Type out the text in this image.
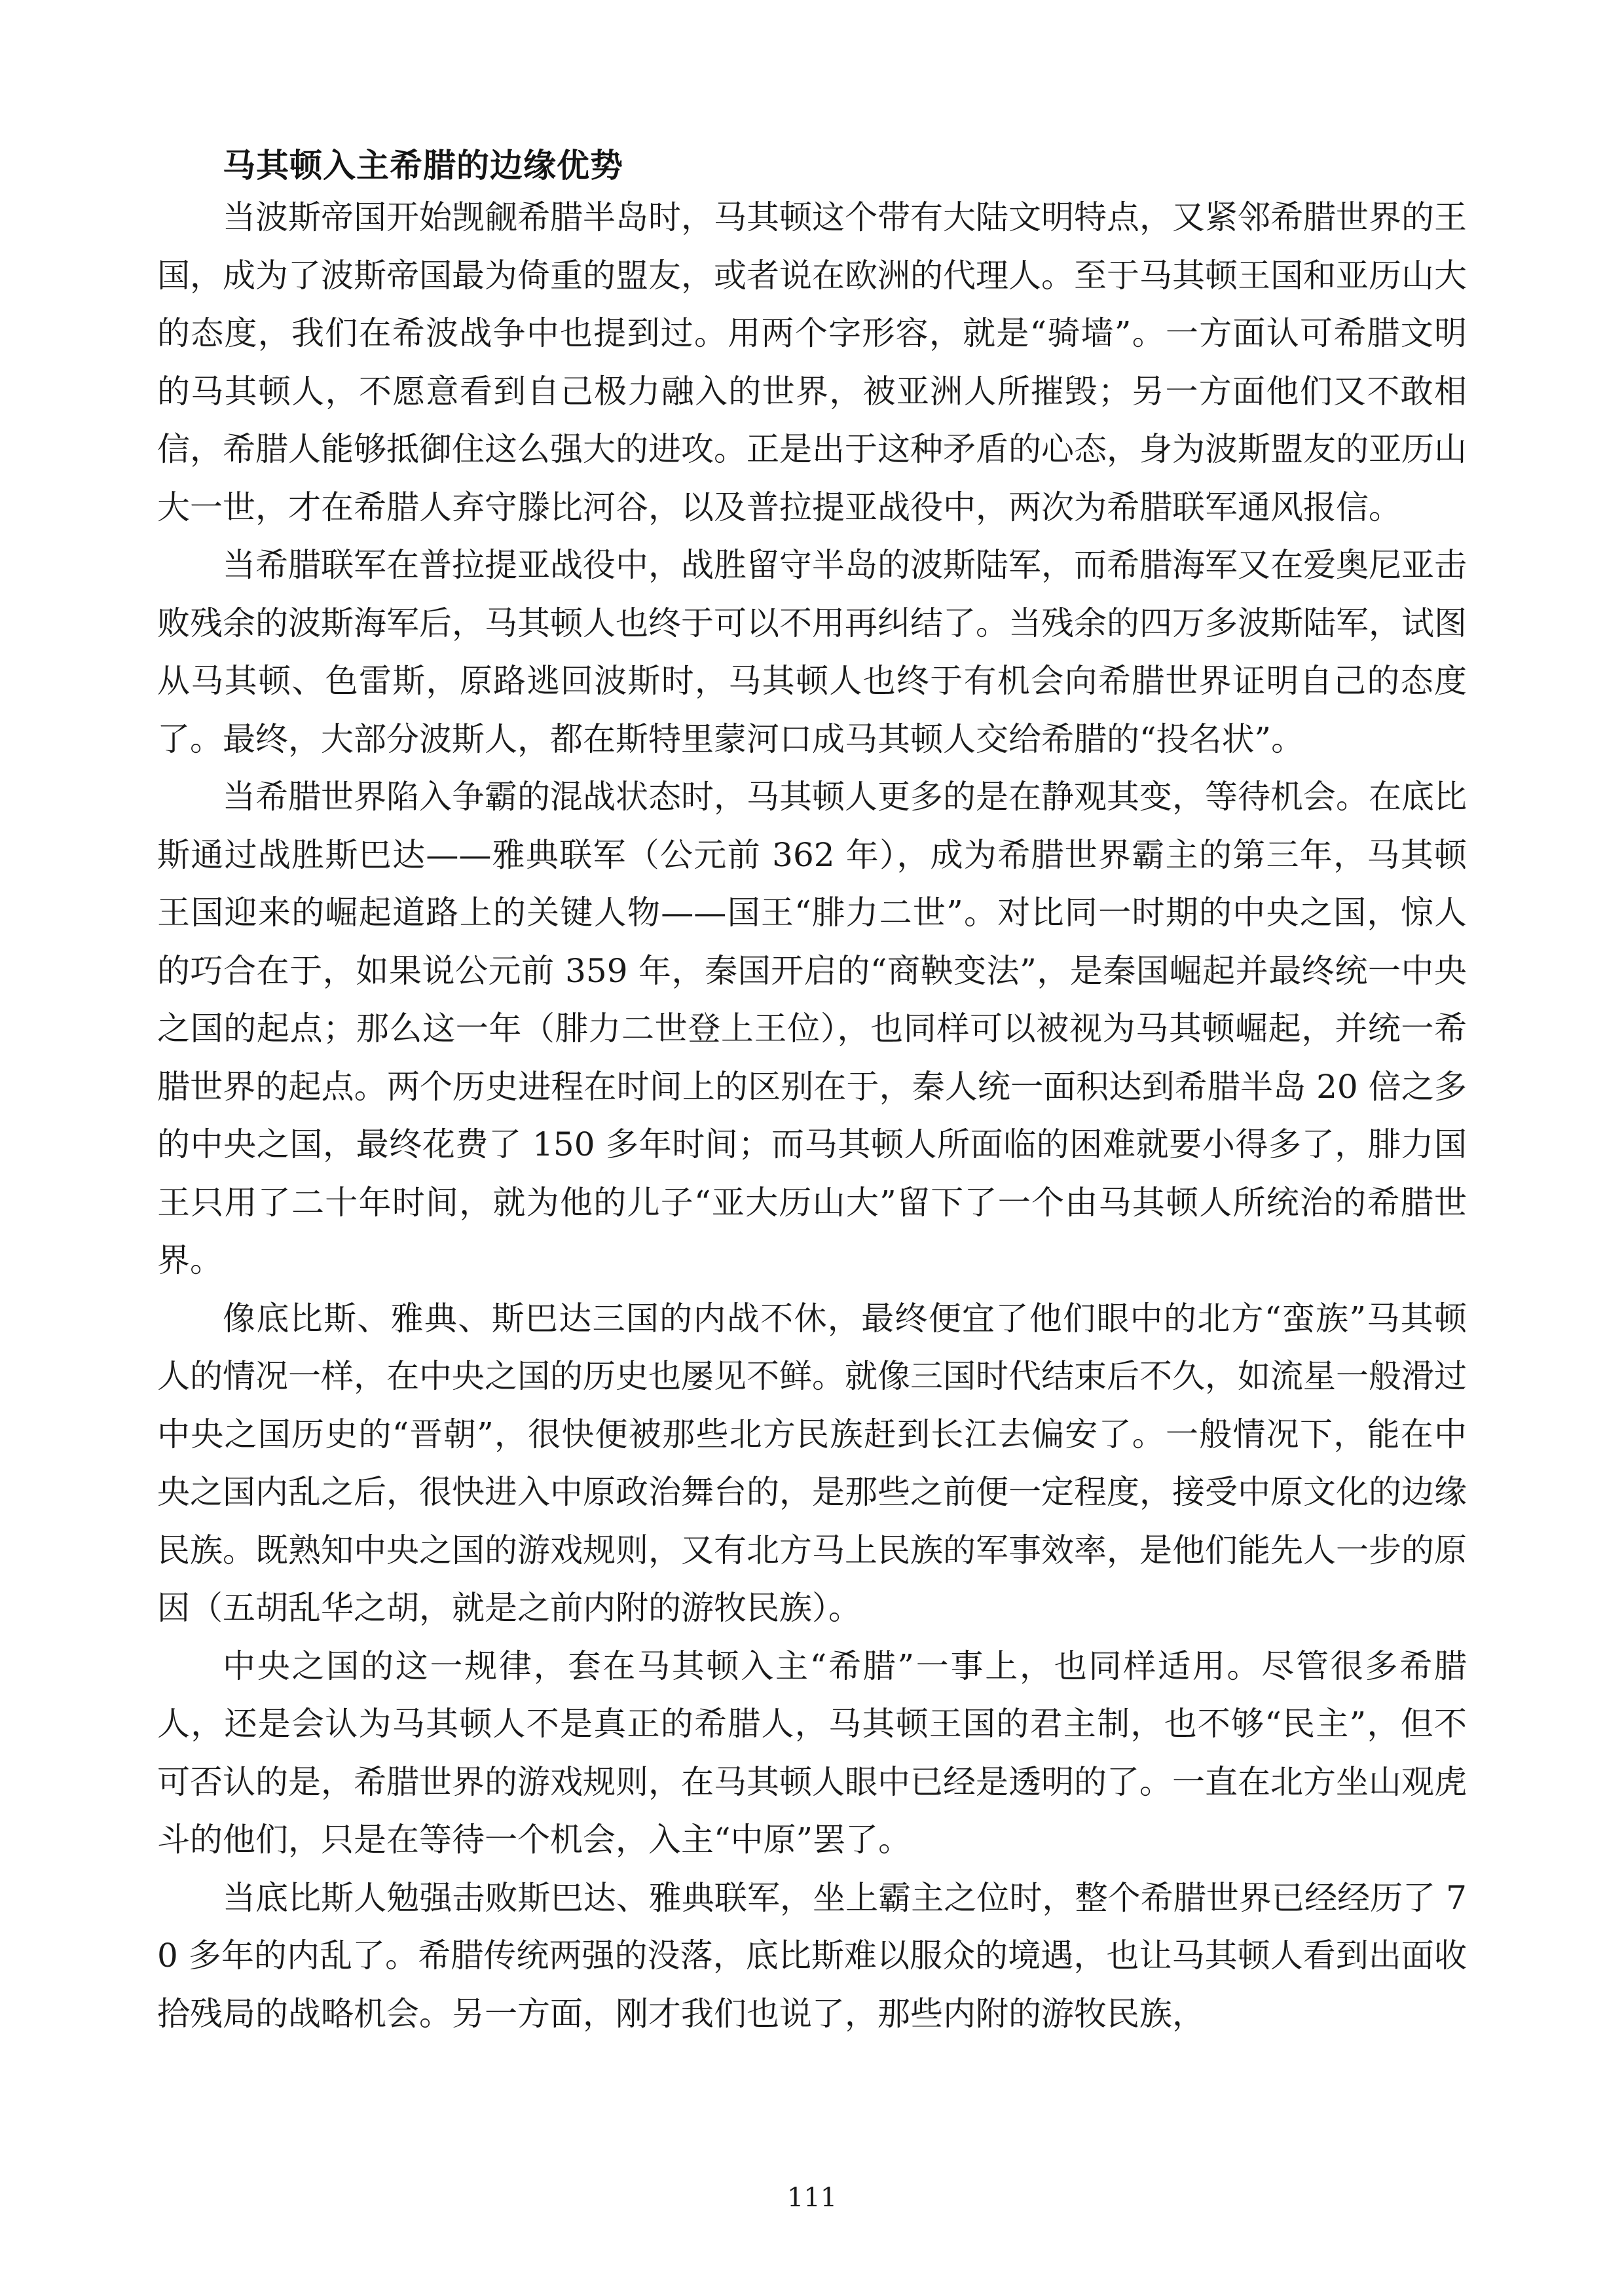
马其顿入主希腊的边缘优势

当波斯帝国开始觊觎希腊半岛时，马其顿这个带有大陆文明特点，又紧邻希腊世界的王国，成为了波斯帝国最为倚重的盟友，或者说在欧洲的代理人。至于马其顿王国和亚历山大的态度，我们在希波战争中也提到过。用两个字形容，就是“骑墙”。一方面认可希腊文明的马其顿人，不愿意看到自己极力融入的世界，被亚洲人所摧毁；另一方面他们又不敢相信，希腊人能够抵御住这么强大的进攻。正是出于这种矛盾的心态，身为波斯盟友的亚历山大一世，才在希腊人弃守滕比河谷，以及普拉提亚战役中，两次为希腊联军通风报信。

当希腊联军在普拉提亚战役中，战胜留守半岛的波斯陆军，而希腊海军又在爱奥尼亚击败残余的波斯海军后，马其顿人也终于可以不用再纠结了。当残余的四万多波斯陆军，试图从马其顿、色雷斯，原路逃回波斯时，马其顿人也终于有机会向希腊世界证明自己的态度了。最终，大部分波斯人，都在斯特里蒙河口成马其顿人交给希腊的“投名状”。

当希腊世界陷入争霸的混战状态时，马其顿人更多的是在静观其变，等待机会。在底比斯通过战胜斯巴达——雅典联军（公元前 362 年），成为希腊世界霸主的第三年，马其顿王国迎来的崛起道路上的关键人物——国王“腓力二世”。对比同一时期的中央之国，惊人的巧合在于，如果说公元前 359 年，秦国开启的“商鞅变法”，是秦国崛起并最终统一中央之国的起点；那么这一年（腓力二世登上王位），也同样可以被视为马其顿崛起，并统一希腊世界的起点。两个历史进程在时间上的区别在于，秦人统一面积达到希腊半岛 20 倍之多的中央之国，最终花费了 150 多年时间；而马其顿人所面临的困难就要小得多了，腓力国王只用了二十年时间，就为他的儿子“亚大历山大”留下了一个由马其顿人所统治的希腊世界。

像底比斯、雅典、斯巴达三国的内战不休，最终便宜了他们眼中的北方“蛮族”马其顿人的情况一样，在中央之国的历史也屡见不鲜。就像三国时代结束后不久，如流星一般滑过中央之国历史的“晋朝”，很快便被那些北方民族赶到长江去偏安了。一般情况下，能在中央之国内乱之后，很快进入中原政治舞台的，是那些之前便一定程度，接受中原文化的边缘民族。既熟知中央之国的游戏规则，又有北方马上民族的军事效率，是他们能先人一步的原因（五胡乱华之胡，就是之前内附的游牧民族）。

中央之国的这一规律，套在马其顿入主“希腊”一事上，也同样适用。尽管很多希腊人，还是会认为马其顿人不是真正的希腊人，马其顿王国的君主制，也不够“民主”，但不可否认的是，希腊世界的游戏规则，在马其顿人眼中已经是透明的了。一直在北方坐山观虎斗的他们，只是在等待一个机会，入主“中原”罢了。

当底比斯人勉强击败斯巴达、雅典联军，坐上霸主之位时，整个希腊世界已经经历了 70 多年的内乱了。希腊传统两强的没落，底比斯难以服众的境遇，也让马其顿人看到出面收拾残局的战略机会。另一方面，刚才我们也说了，那些内附的游牧民族，

111
